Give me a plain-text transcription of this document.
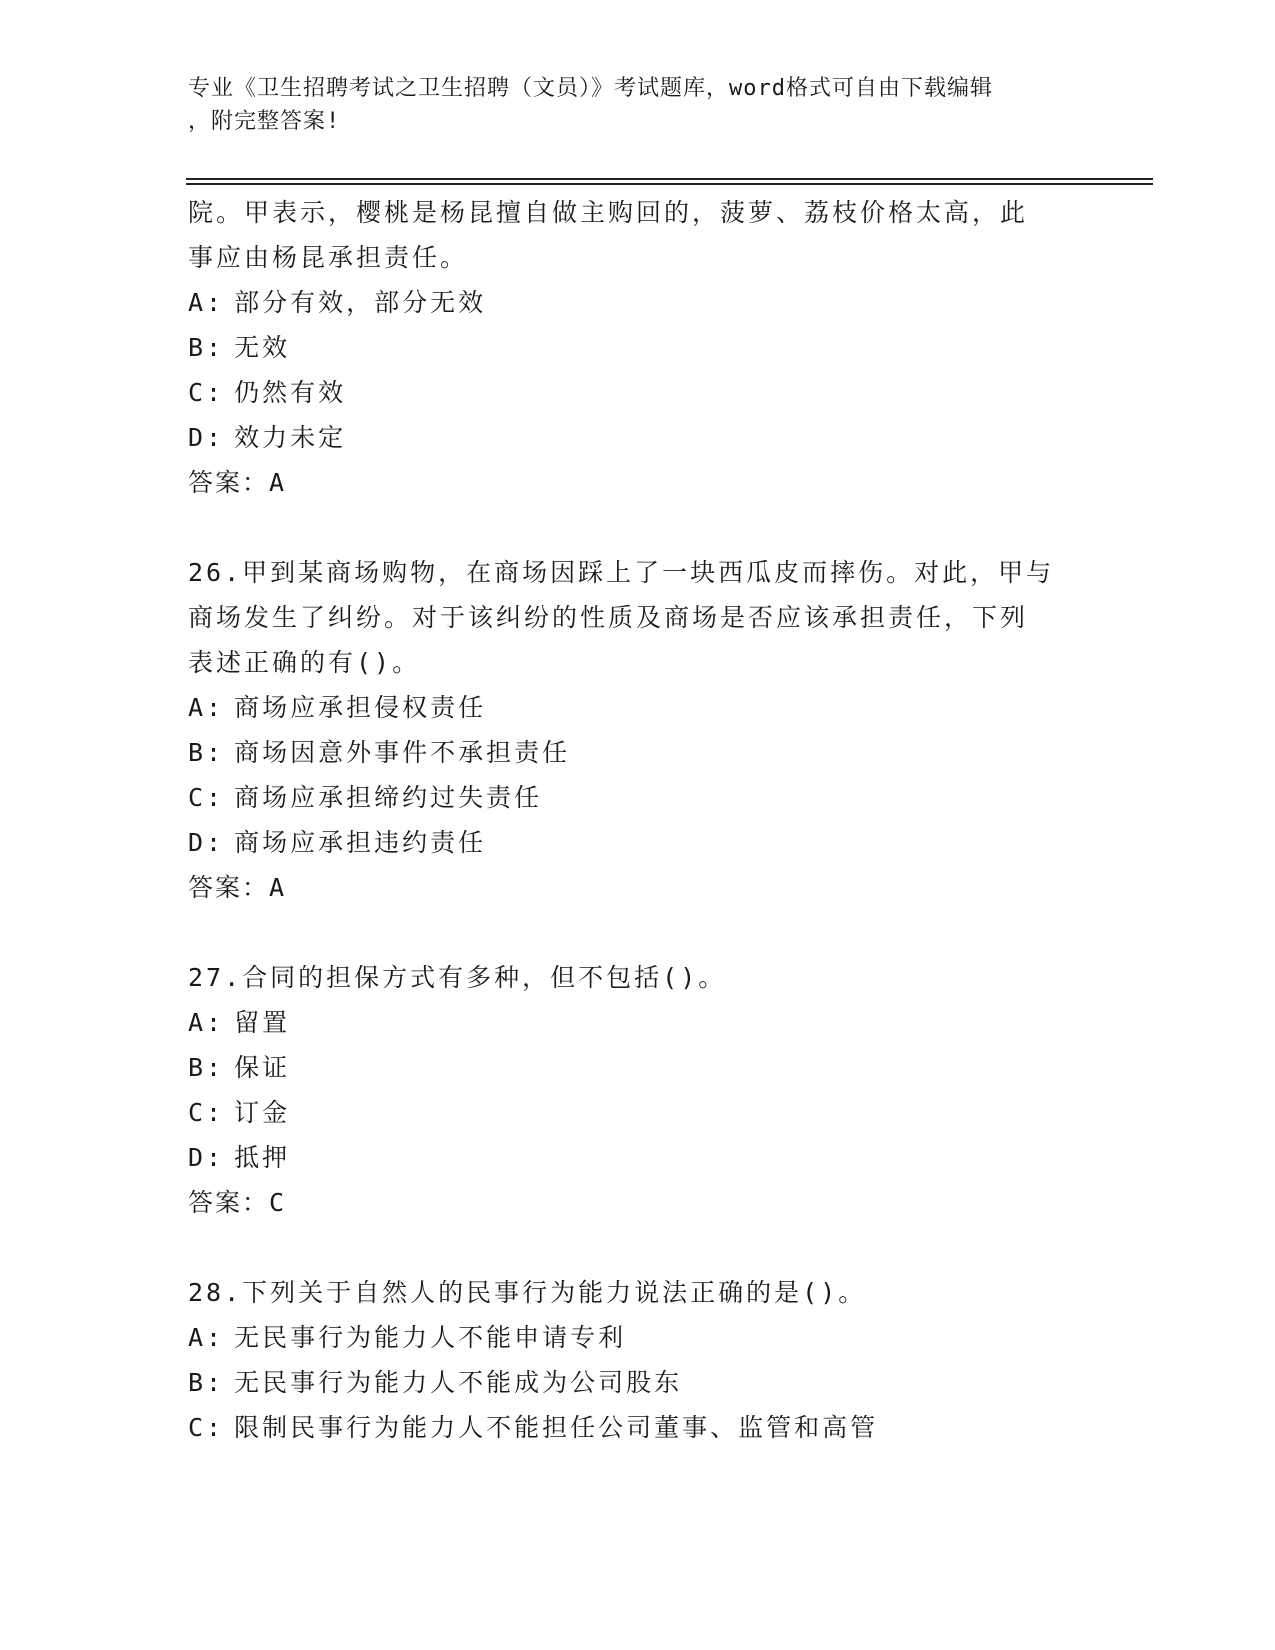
专业《卫生招聘考试之卫生招聘（文员）》考试题库，word格式可自由下载编辑
，附完整答案!
院。甲表示，樱桃是杨昆擅自做主购回的，菠萝、荔枝价格太高，此
事应由杨昆承担责任。
A: 部分有效，部分无效
B: 无效
C: 仍然有效
D: 效力未定
答案：A
26.甲到某商场购物，在商场因踩上了一块西瓜皮而摔伤。对此，甲与
商场发生了纠纷。对于该纠纷的性质及商场是否应该承担责任，下列
表述正确的有()。
A: 商场应承担侵权责任
B: 商场因意外事件不承担责任
C: 商场应承担缔约过失责任
D: 商场应承担违约责任
答案：A
27.合同的担保方式有多种，但不包括()。
A: 留置
B: 保证
C: 订金
D: 抵押
答案：C
28.下列关于自然人的民事行为能力说法正确的是()。
A: 无民事行为能力人不能申请专利
B: 无民事行为能力人不能成为公司股东
C: 限制民事行为能力人不能担任公司董事、监管和高管
